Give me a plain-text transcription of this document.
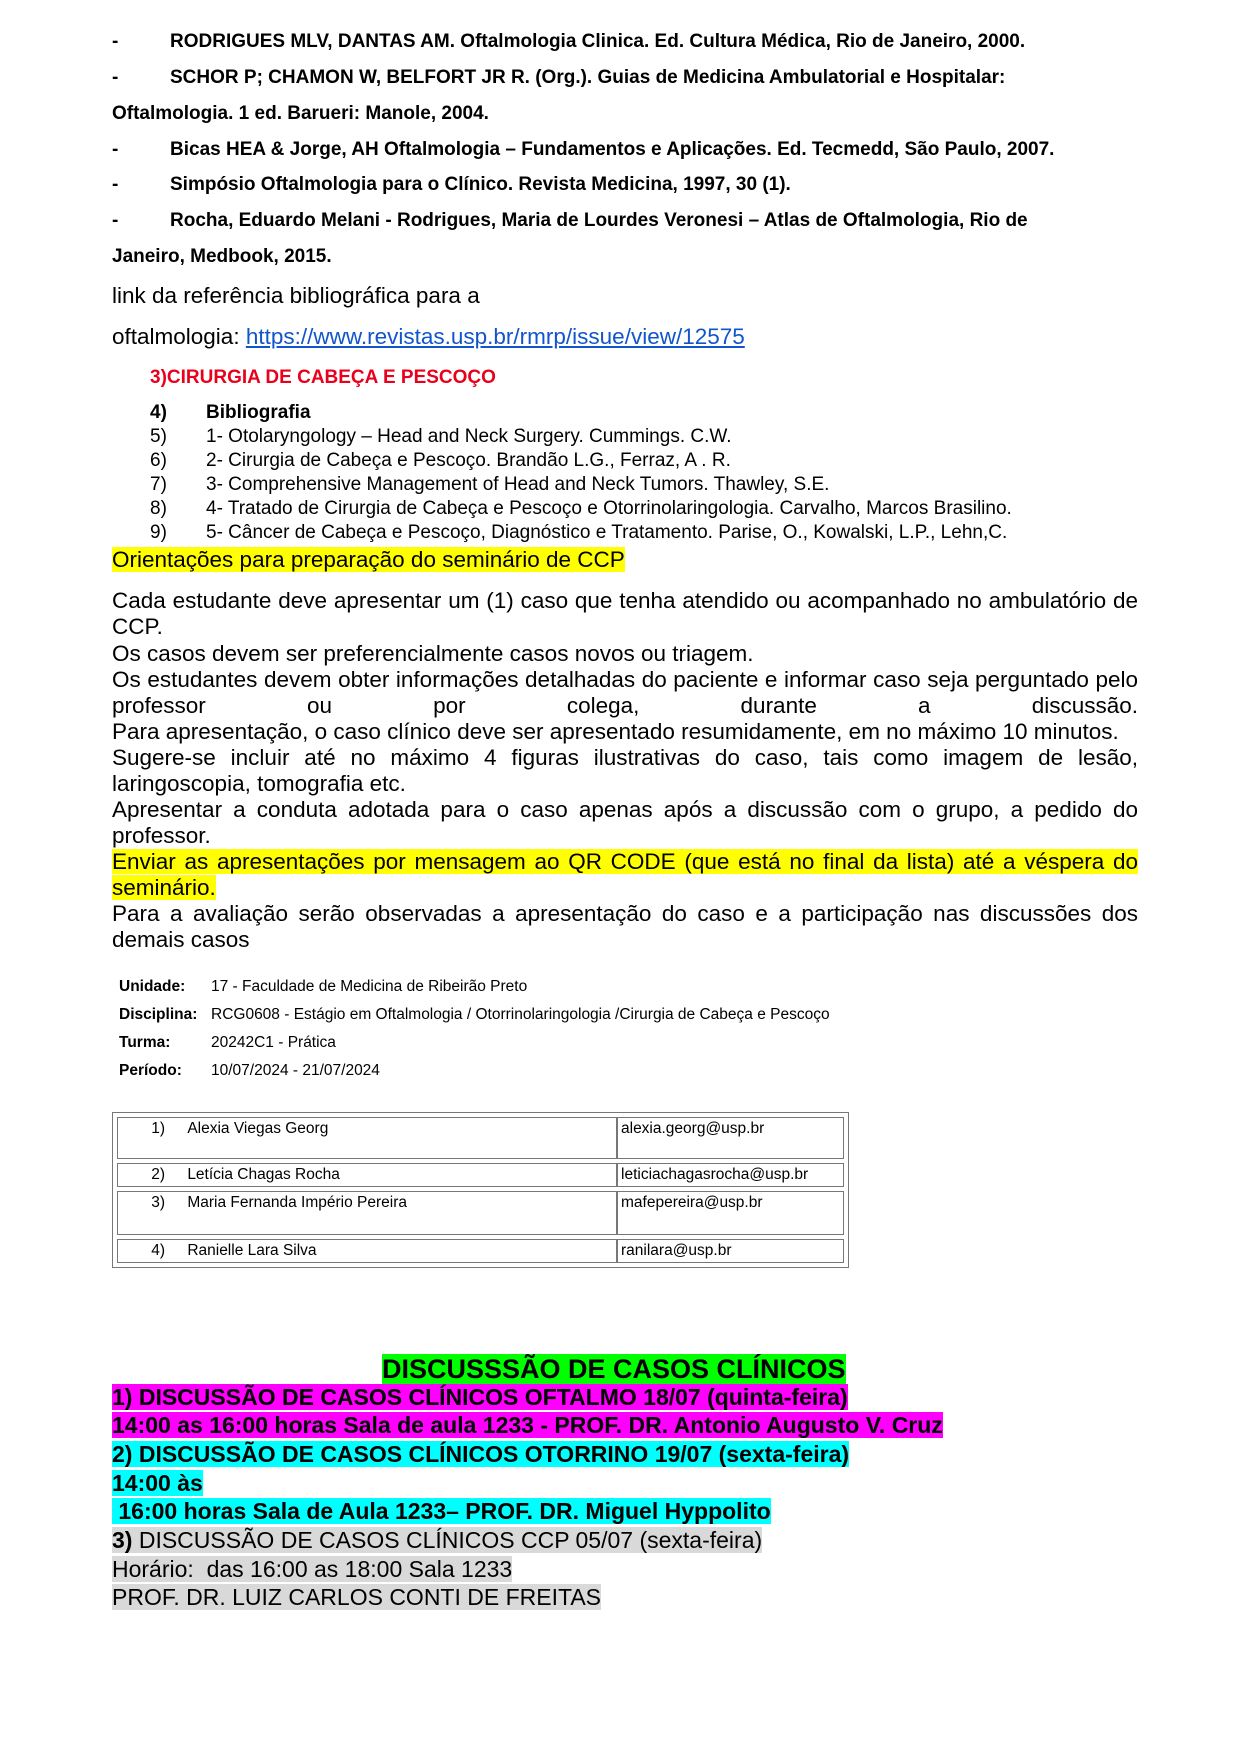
-	RODRIGUES MLV, DANTAS AM. Oftalmologia Clinica. Ed. Cultura Médica, Rio de Janeiro, 2000.
-	SCHOR P; CHAMON W, BELFORT JR R. (Org.). Guias de Medicina Ambulatorial e Hospitalar:
Oftalmologia. 1 ed. Barueri: Manole, 2004.
-	Bicas HEA & Jorge, AH Oftalmologia – Fundamentos e Aplicações. Ed. Tecmedd, São Paulo, 2007.
-	Simpósio Oftalmologia para o Clínico. Revista Medicina, 1997, 30 (1).
-	Rocha, Eduardo Melani - Rodrigues, Maria de Lourdes Veronesi – Atlas de Oftalmologia, Rio de
Janeiro, Medbook, 2015.
link da referência bibliográfica para a
oftalmologia: https://www.revistas.usp.br/rmrp/issue/view/12575
3)CIRURGIA DE CABEÇA E PESCOÇO
4) Bibliografia
5) 1- Otolaryngology – Head and Neck Surgery. Cummings. C.W.
6) 2- Cirurgia de Cabeça e Pescoço. Brandão L.G., Ferraz, A . R.
7) 3- Comprehensive Management of Head and Neck Tumors. Thawley, S.E.
8) 4- Tratado de Cirurgia de Cabeça e Pescoço e Otorrinolaringologia. Carvalho, Marcos Brasilino.
9) 5- Câncer de Cabeça e Pescoço, Diagnóstico e Tratamento. Parise, O., Kowalski, L.P., Lehn,C.
Orientações para preparação do seminário de CCP
Cada estudante deve apresentar um (1) caso que tenha atendido ou acompanhado no ambulatório de CCP.
Os casos devem ser preferencialmente casos novos ou triagem.
Os estudantes devem obter informações detalhadas do paciente e informar caso seja perguntado pelo professor ou por colega, durante a discussão.
Para apresentação, o caso clínico deve ser apresentado resumidamente, em no máximo 10 minutos.
Sugere-se incluir até no máximo 4 figuras ilustrativas do caso, tais como imagem de lesão, laringoscopia, tomografia etc.
Apresentar a conduta adotada para o caso apenas após a discussão com o grupo, a pedido do professor.
Enviar as apresentações por mensagem ao QR CODE (que está no final da lista) até a véspera do seminário.
Para a avaliação serão observadas a apresentação do caso e a participação nas discussões dos demais casos
Unidade: 17 - Faculdade de Medicina de Ribeirão Preto
Disciplina: RCG0608 - Estágio em Oftalmologia / Otorrinolaringologia /Cirurgia de Cabeça e Pescoço
Turma:	20242C1 - Prática
Período: 10/07/2024 - 21/07/2024
1) Alexia Viegas Georg	alexia.georg@usp.br
2) Letícia Chagas Rocha	leticiachagasrocha@usp.br
3) Maria Fernanda Império Pereira	mafepereira@usp.br
4) Ranielle Lara Silva	ranilara@usp.br
DISCUSSSÃO DE CASOS CLÍNICOS
1) DISCUSSÃO DE CASOS CLÍNICOS OFTALMO 18/07 (quinta-feira)
14:00 as 16:00 horas Sala de aula 1233 - PROF. DR. Antonio Augusto V. Cruz
2) DISCUSSÃO DE CASOS CLÍNICOS OTORRINO 19/07 (sexta-feira)
14:00 às
16:00 horas Sala de Aula 1233– PROF. DR. Miguel Hyppolito
3) DISCUSSÃO DE CASOS CLÍNICOS CCP 05/07 (sexta-feira)
Horário:  das 16:00 as 18:00 Sala 1233
PROF. DR. LUIZ CARLOS CONTI DE FREITAS
